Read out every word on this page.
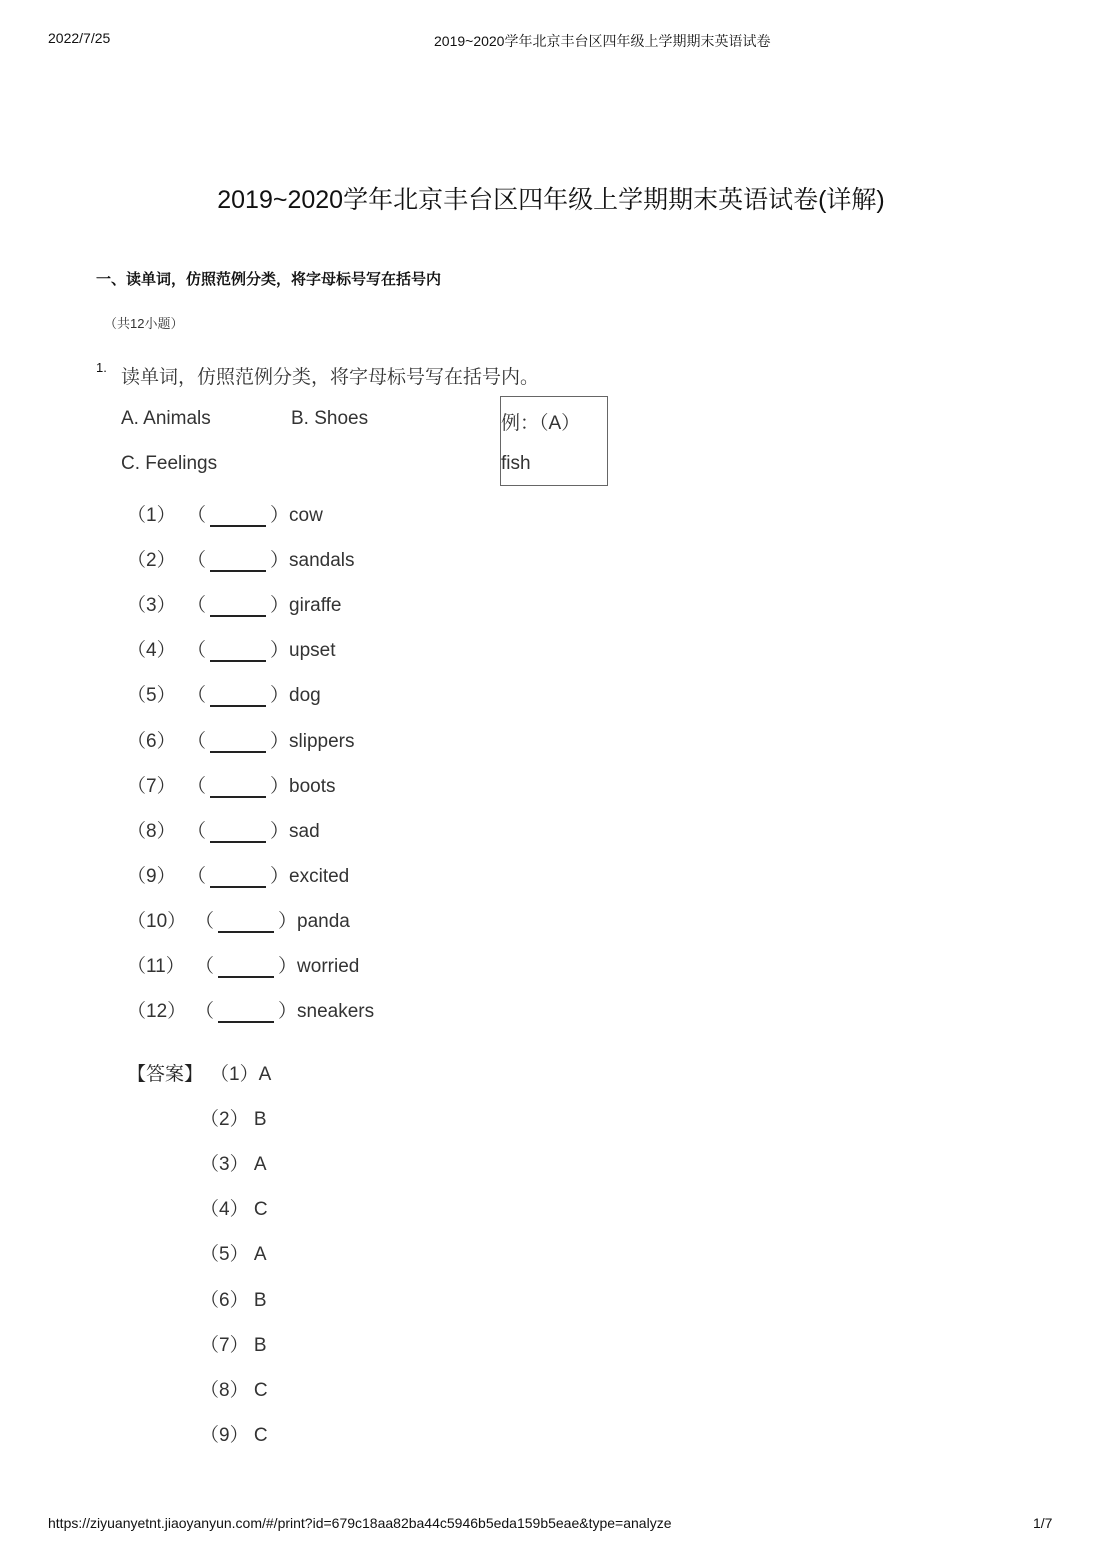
2022/7/25	2019~2020学年北京丰台区四年级上学期期末英语试卷
2019~2020学年北京丰台区四年级上学期期末英语试卷(详解)
一、读单词，仿照范例分类，将字母标号写在括号内
（共12小题）
1. 读单词，仿照范例分类，将字母标号写在括号内。
A. Animals	B. Shoes
C. Feelings
例：（A）
fish
（1） （	）cow
（2） （	）sandals
（3） （	）giraffe
（4） （	）upset
（5） （	）dog
（6） （	）slippers
（7） （	）boots
（8） （	）sad
（9） （	）excited
（10） （	）panda
（11） （	）worried
（12） （	）sneakers
【答案】 （1）A
（2） B
（3） A
（4） C
（5） A
（6） B
（7） B
（8） C
（9） C
https://ziyuanyetnt.jiaoyanyun.com/#/print?id=679c18aa82ba44c5946b5eda159b5eae&type=analyze	1/7
